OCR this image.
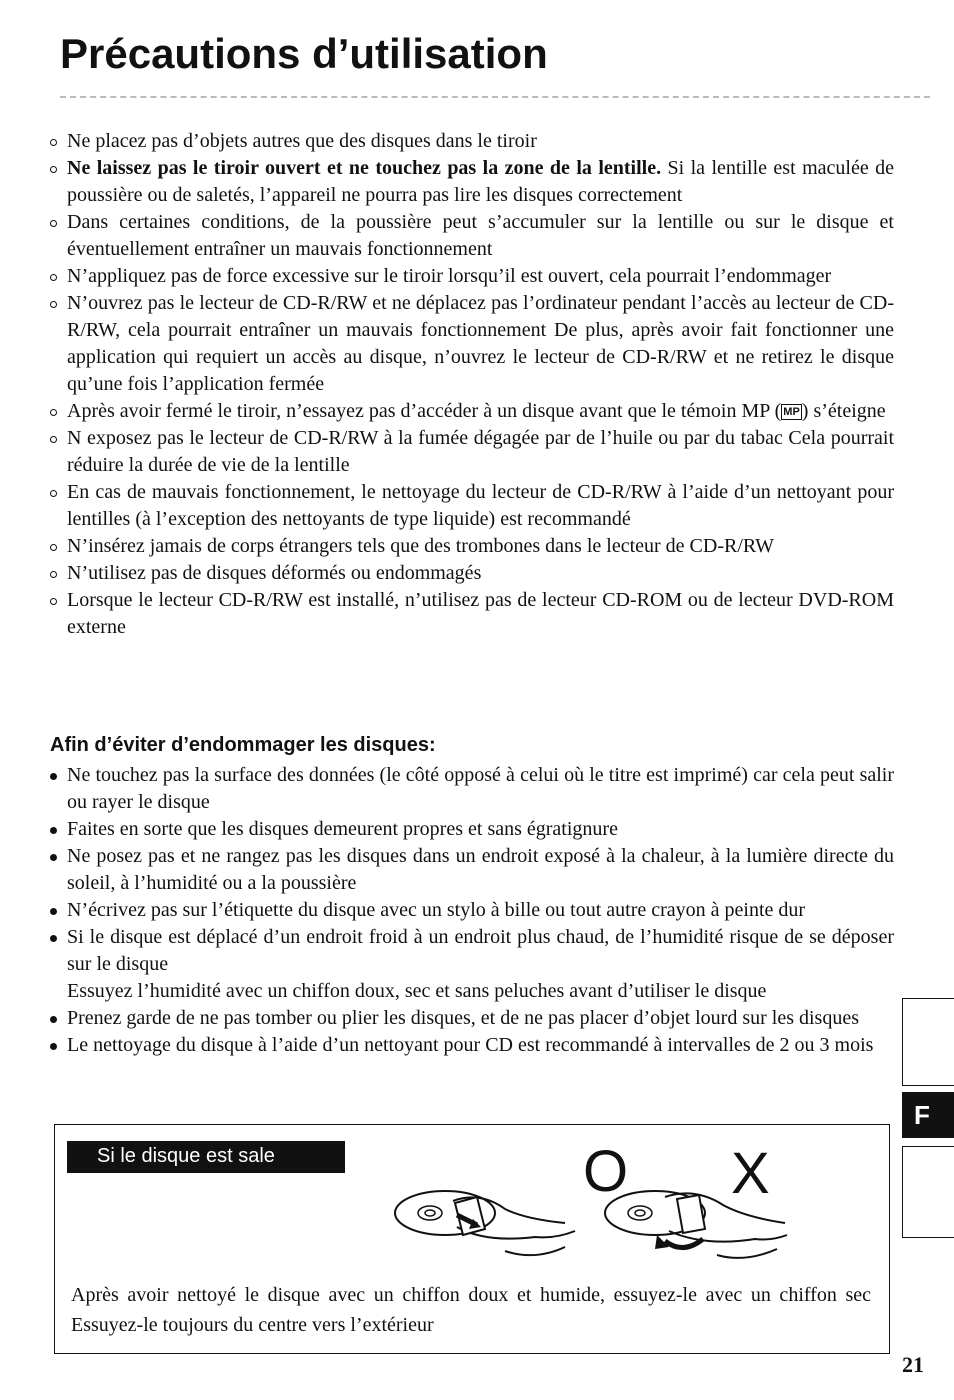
Précautions d’utilisation
Ne placez pas d’objets autres que des disques dans le tiroir
Ne laissez pas le tiroir ouvert et ne touchez pas la zone de la lentille. Si la lentille est maculée de poussière ou de saletés, l’appareil ne pourra pas lire les disques correctement
Dans certaines conditions, de la poussière peut s’accumuler sur la lentille ou sur le disque et éventuellement entraîner un mauvais fonctionnement
N’appliquez pas de force excessive sur le tiroir lorsqu’il est ouvert, cela pourrait l’endommager
N’ouvrez pas le lecteur de CD-R/RW et ne déplacez pas l’ordinateur pendant l’accès au lecteur de CD-R/RW, cela pourrait entraîner un mauvais fonctionnement De plus, après avoir fait fonctionner une application qui requiert un accès au disque, n’ouvrez le lecteur de CD-R/RW et ne retirez le disque qu’une fois l’application fermée
Après avoir fermé le tiroir, n’essayez pas d’accéder à un disque avant que le témoin MP ( MP ) s’éteigne
N exposez pas le lecteur de CD-R/RW à la fumée dégagée par de l’huile ou par du tabac Cela pourrait réduire la durée de vie de la lentille
En cas de mauvais fonctionnement, le nettoyage du lecteur de CD-R/RW à l’aide d’un nettoyant pour lentilles (à l’exception des nettoyants de type liquide) est recommandé
N’insérez jamais de corps étrangers tels que des trombones dans le lecteur de CD-R/RW
N’utilisez pas de disques déformés ou endommagés
Lorsque le lecteur CD-R/RW est installé, n’utilisez pas de lecteur CD-ROM ou de lecteur DVD-ROM externe
Afin d’éviter d’endommager les disques:
Ne touchez pas la surface des données (le côté opposé à celui où le titre est imprimé) car cela peut salir ou rayer le disque
Faites en sorte que les disques demeurent propres et sans égratignure
Ne posez pas et ne rangez pas les disques dans un endroit exposé à la chaleur, à la lumière directe du soleil, à l’humidité ou a la poussière
N’écrivez pas sur l’étiquette du disque avec un stylo à bille ou tout autre crayon à peinte dur
Si le disque est déplacé d’un endroit froid à un endroit plus chaud, de l’humidité risque de se déposer sur le disque
Essuyez l’humidité avec un chiffon doux, sec et sans peluches avant d’utiliser le disque
Prenez garde de ne pas tomber ou plier les disques, et de ne pas placer d’objet lourd sur les disques
Le nettoyage du disque à l’aide d’un nettoyant pour CD est recommandé à intervalles de 2 ou 3 mois
F
Si le disque est sale	O X
Après avoir nettoyé le disque avec un chiffon doux et humide, essuyez-le avec un chiffon sec Essuyez-le toujours du centre vers l’extérieur
21
